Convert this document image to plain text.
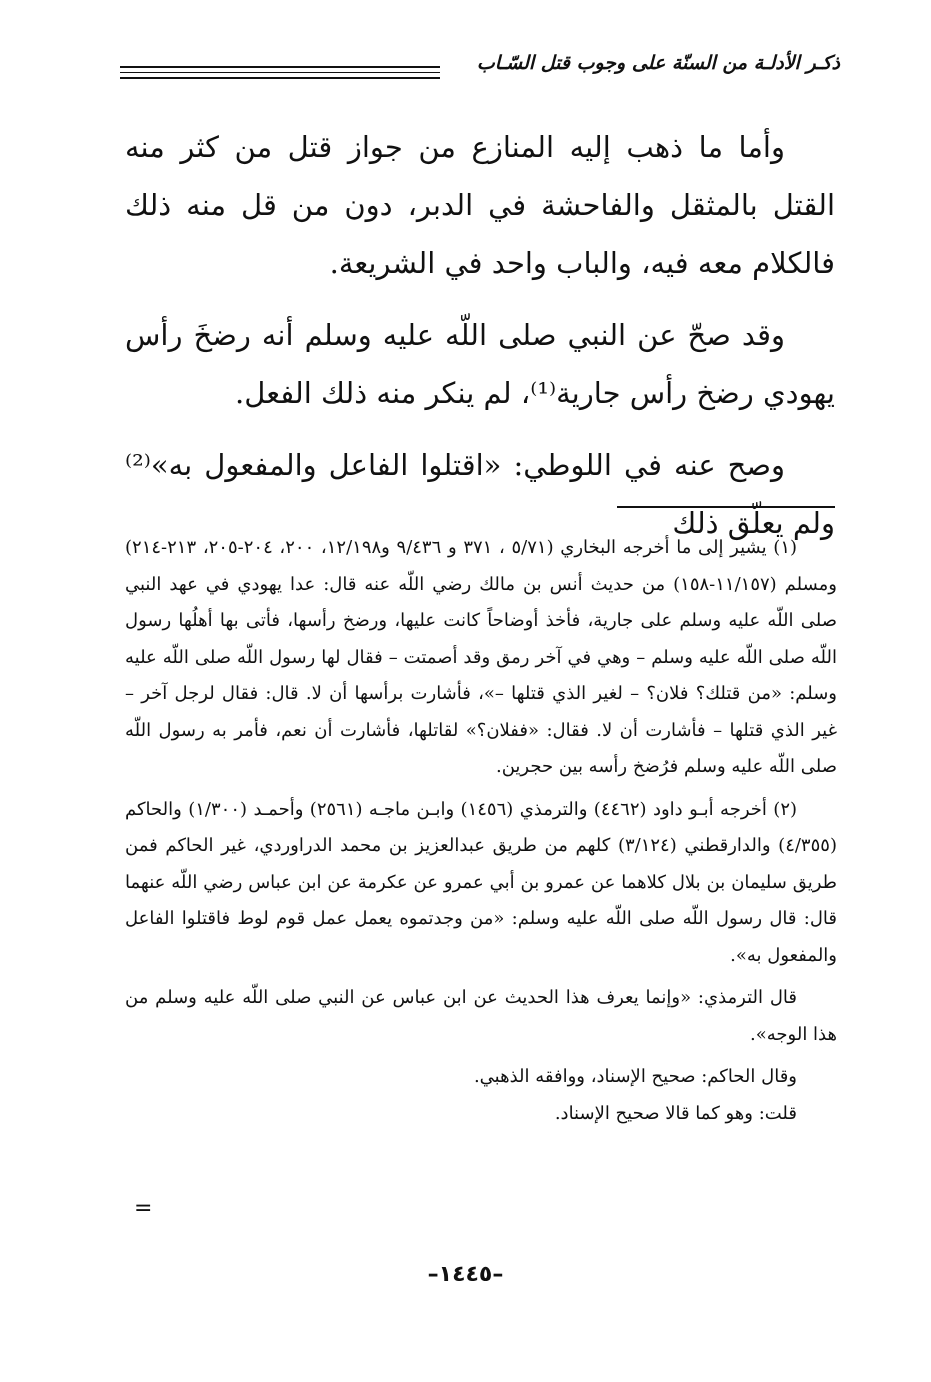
ذكـر الأدلـة من السنّة على وجوب قتل السّـاب

وأما ما ذهب إليه المنازع من جواز قتل من كثر منه القتل بالمثقل والفاحشة في الدبر، دون من قل منه ذلك فالكلام معه فيه، والباب واحد في الشريعة.

وقد صحّ عن النبي صلى اللّه عليه وسلم أنه رضخَ رأس يهودي رضخ رأس جارية⁽¹⁾، لم ينكر منه ذلك الفعل.

وصح عنه في اللوطي: «اقتلوا الفاعل والمفعول به»⁽²⁾ ولم يعلّق ذلك

(١) يشير إلى ما أخرجه البخاري (٥/٧١ ، ٣٧١ و ٩/٤٣٦ و١٢/١٩٨، ٢٠٠، ٢٠٤-٢٠٥، ٢١٣-٢١٤) ومسلم (١١/١٥٧-١٥٨) من حديث أنس بن مالك رضي اللّه عنه قال: عدا يهودي في عهد النبي صلى اللّه عليه وسلم على جارية، فأخذ أوضاحاً كانت عليها، ورضخ رأسها، فأتى بها أهلُها رسول اللّه صلى اللّه عليه وسلم – وهي في آخر رمق وقد أصمتت – فقال لها رسول اللّه صلى اللّه عليه وسلم: «من قتلك؟ فلان؟ – لغير الذي قتلها –»، فأشارت برأسها أن لا. قال: فقال لرجل آخر – غير الذي قتلها – فأشارت أن لا. فقال: «ففلان؟» لقاتلها، فأشارت أن نعم، فأمر به رسول اللّه صلى اللّه عليه وسلم فرُضخ رأسه بين حجرين.

(٢) أخرجه أبـو داود (٤٤٦٢) والترمذي (١٤٥٦) وابـن ماجـه (٢٥٦١) وأحمـد (١/٣٠٠) والحاكم (٤/٣٥٥) والدارقطني (٣/١٢٤) كلهم من طريق عبدالعزيز بن محمد الدراوردي، غير الحاكم فمن طريق سليمان بن بلال كلاهما عن عمرو بن أبي عمرو عن عكرمة عن ابن عباس رضي اللّه عنهما قال: قال رسول اللّه صلى اللّه عليه وسلم: «من وجدتموه يعمل عمل قوم لوط فاقتلوا الفاعل والمفعول به».

قال الترمذي: «وإنما يعرف هذا الحديث عن ابن عباس عن النبي صلى اللّه عليه وسلم من هذا الوجه».

وقال الحاكم: صحيح الإسناد، ووافقه الذهبي.

قلت: وهو كما قالا صحيح الإسناد.

=
–١٤٤٥–
